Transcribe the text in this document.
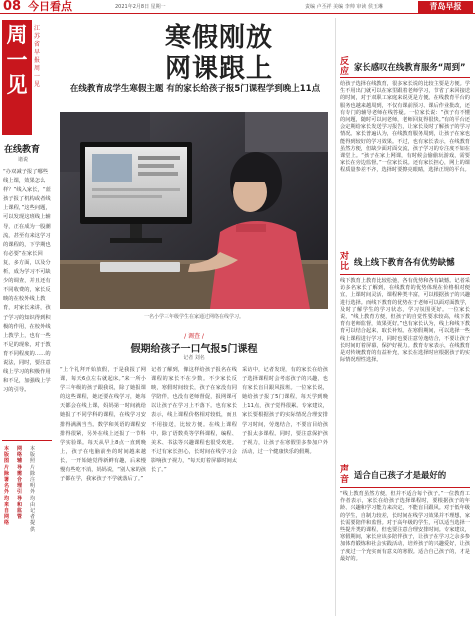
08 今日看点	2021年2月8日 星期一	责编 卢丕祥 美编 李帅 审读 侯玉琳	青岛早报
周一见
江苏省早报周一见
在线教育
诸说
“办双减子报了哪些线上课，效果怎么样？”线入家长，“蓝孩子报了机构或者线上课程，”这些问题，可以发现这班线上辅导，正在成为一股潮流，甚至有来这学习的课程的，下学期也有必要”在家长回复，多方面，以及分析，成为学习不可缺少的调查，并且还有不同收费的，家长反映的在校外线上教育，对家长来讲，孩子学习的知识得到积极的作用，在校外线上教学上，也有一些不足的现象，对于教育不同程度的……的说法，同时，要注意线上学习的积极作用和不足，加强线上学习的引导。
本版图片除署名外均来自网络
网络辅导需合理引导和监管
本版照片除注明外均由记者提供
寒假刚放
网课跟上
在线教育成学生寒假主题 有的家长给孩子报5门课程学到晚上11点
一名小学三年级学生在家通过网络在线学习。
/ 调查 /
假期给孩子一口气报5门课程
记者 刘名
“上个礼拜开始放假，于是我报了网课，每天6点左右就起床。”来一所小学三年级的孩子跟我说，除了她报课的这些课程，她还要在线学习，她每天都会在线上课，妈妈第一时间就给她报了不同学科的课程，在线学习安排得满满当当。数学和英语的课程安排得很紧，另外在线上还报了一节科学实验课。每天从早上8点一直到晚上，孩子在电脑前坐的时间越来越长，一开始她觉得新鲜有趣，后来慢慢有些吃不消，妈妈说，“别人家的孩子都在学，我家孩子不学就落后了。”
记者了解到，像这样给孩子报名在线课程的家长不在少数。不少家长反映，寒假时间较长，孩子在家没有同学陪伴，也没有老师督促，报网课可以让孩子在学习上不落下。也有家长表示，线上课程价格相对较低，而且不用接送，比较方便。在线上课程中，除了语数英等学科课程，编程、美术、书法等兴趣课程也很受欢迎。不过有家长担心，长时间在线学习会影响孩子视力，“每天盯着屏幕时间太长了。”
采访中，记者发现，有的家长在给孩子选择课程时会考虑孩子的兴趣，也有家长盲目跟风报班。一位家长说，她给孩子报了5门课程，每天学到晚上11点，孩子觉得很累。专家建议，家长要根据孩子的实际情况合理安排学习时间，劳逸结合，不要盲目给孩子报太多课程。同时，要注意保护孩子视力，让孩子在寒假里多参加户外活动，过一个健康快乐的假期。
反应 家长感叹在线教育服务“周到”
给孩子选择在线教育，很多家长说的比较主要是方便。学生不用出门就可以在家里跟着老师学习，节省了来回接送的时间，对于双职工家庭来说更是方便。在线教育平台的服务也越来越周到，不仅有课前预习、课后作业批改，还有专门的辅导老师在线答疑。一位家长说：“孩子有不懂的问题，随时可以问老师，老师回复得很快。”有的平台还会定期给家长发送学习报告，让家长及时了解孩子的学习情况。家长普遍认为，在线教育服务周到，让孩子在家也能得到较好的学习效果。不过，也有家长表示，在线教育虽然方便，但缺少面对面交流，孩子学习的专注度不如在课堂上。“孩子在家上网课，有时候会偷偷玩游戏，需要家长在旁边监督。”一位家长说。还有家长担心，网上的课程质量参差不齐，选择时要擦亮眼睛，选择正规的平台。
对比 线上线下教育各有优势缺憾
线下教育上教育比较松弛，各有优势和各有缺憾。记者采访多名家长了解到，在线教育的优势体现在价格相对便宜，上课时间灵活，课程种类丰富，可以根据孩子的兴趣进行选择。而线下教育的优势在于老师可以面对面教学，及时了解学生的学习状态，学习氛围更好。一位家长说，“线上教育方便，但孩子的自觉性要求较高，线下教育有老师监督，效果更好。”也有家长认为，线上和线下教育可以结合起来，取长补短。在寒假期间，可以选择一些线上课程进行学习，同时也要注意劳逸结合，不要让孩子长时间盯着屏幕，保护好视力。教育专家表示，在线教育是对传统教育的有益补充，家长在选择时应根据孩子的实际情况理性选择。
声音 适合自己孩子才是最好的
“线上教育虽然方便，但并不适合每个孩子。”一位教育工作者表示，家长在给孩子选择课程时，要根据孩子的年龄、兴趣和学习能力来决定，不能盲目跟风。对于低年级的学生，自制力较差，长时间在线学习效果并不理想，家长需要陪伴和监督。对于高年级的学生，可以适当选择一些提升类的课程，但也要注意合理安排时间。专家建议，寒假期间，家长应该多陪伴孩子，让孩子在学习之余多参加体育锻炼和社会实践活动，培养孩子的兴趣爱好，让孩子度过一个充实而有意义的寒假。适合自己孩子的，才是最好的。
